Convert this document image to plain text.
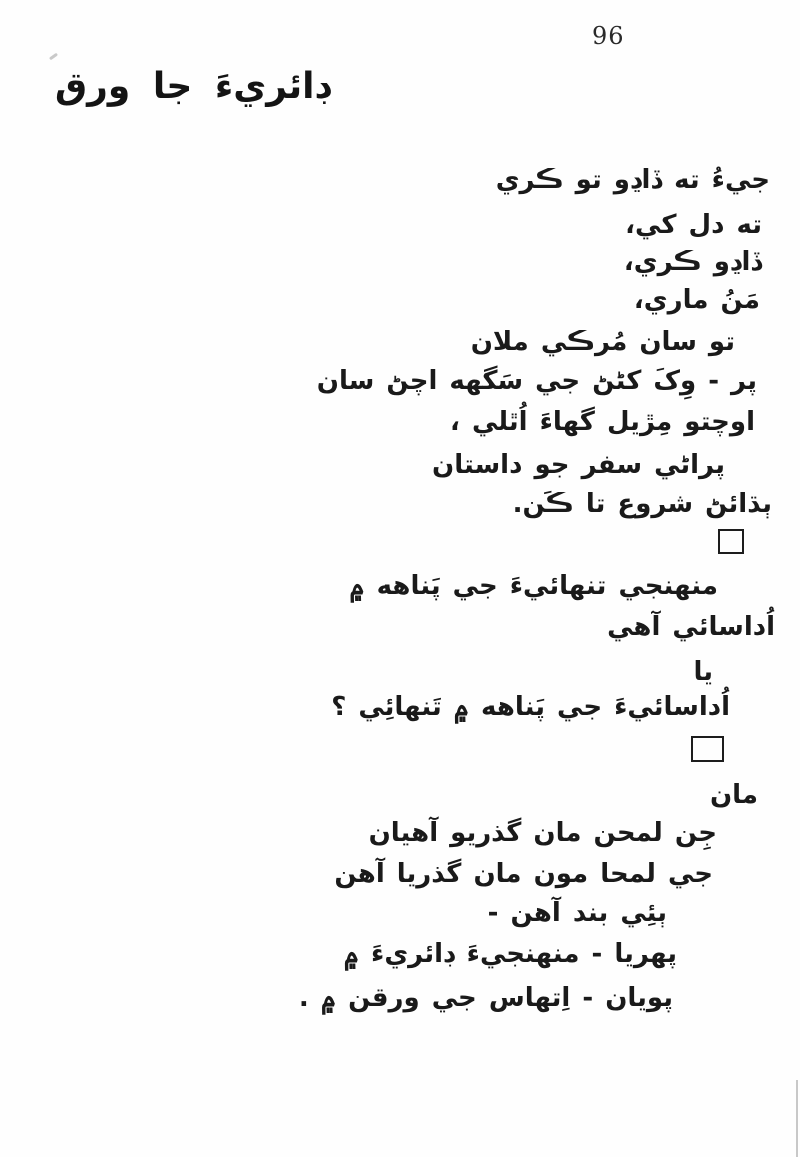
96
ڊائريءَ جا ورق
جيءُ ته ڏاڍو تو ڪري
ته دل کي،
ڏاڍو ڪري،
مَنُ ماري،
تو سان مُرڪي ملان
پر - وِکَ کڻڻ جي سَگهه اچڻ سان
اوچتو مِڙيل گهاءَ اُٿلي ،
پراڻي سفر جو داستان
ٻڌائڻ شروع تا ڪَن.
منهنجي تنهائيءَ جي پَناهه ۾
اُداسائي آهي
يا
اُداسائيءَ جي پَناهه ۾ تَنهائِي ؟
مان
جِن لمحن مان گذريو آهيان
جي لمحا مون مان گذريا آهن
ٻئِي بند آهن -
پهريا - منهنجيءَ ڊائريءَ ۾
پويان - اِتهاس جي ورقن ۾ .
